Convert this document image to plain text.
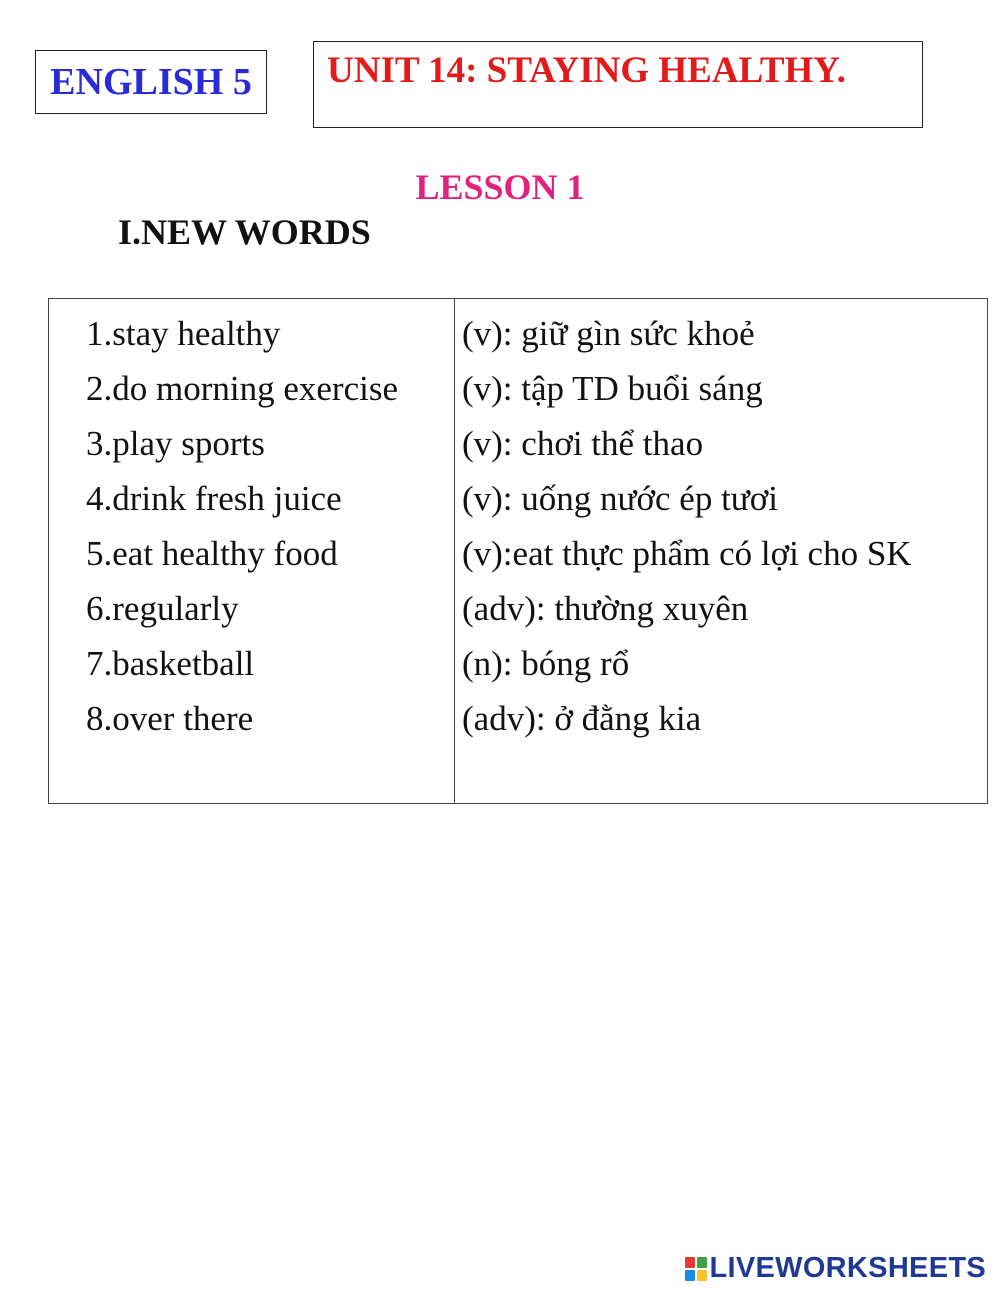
ENGLISH 5	UNIT 14: STAYING HEALTHY.
LESSON 1
I.NEW WORDS
1.stay healthy
2.do morning exercise
3.play sports
4.drink fresh juice
5.eat healthy food
6.regularly
7.basketball
8.over there
(v): giữ gìn sức khoẻ
(v): tập TD buổi sáng
(v): chơi thể thao
(v): uống nước ép tươi
(v):eat thực phẩm có lợi cho SK
(adv): thường xuyên
(n): bóng rổ
(adv): ở đằng kia
LIVEWORKSHEETS
